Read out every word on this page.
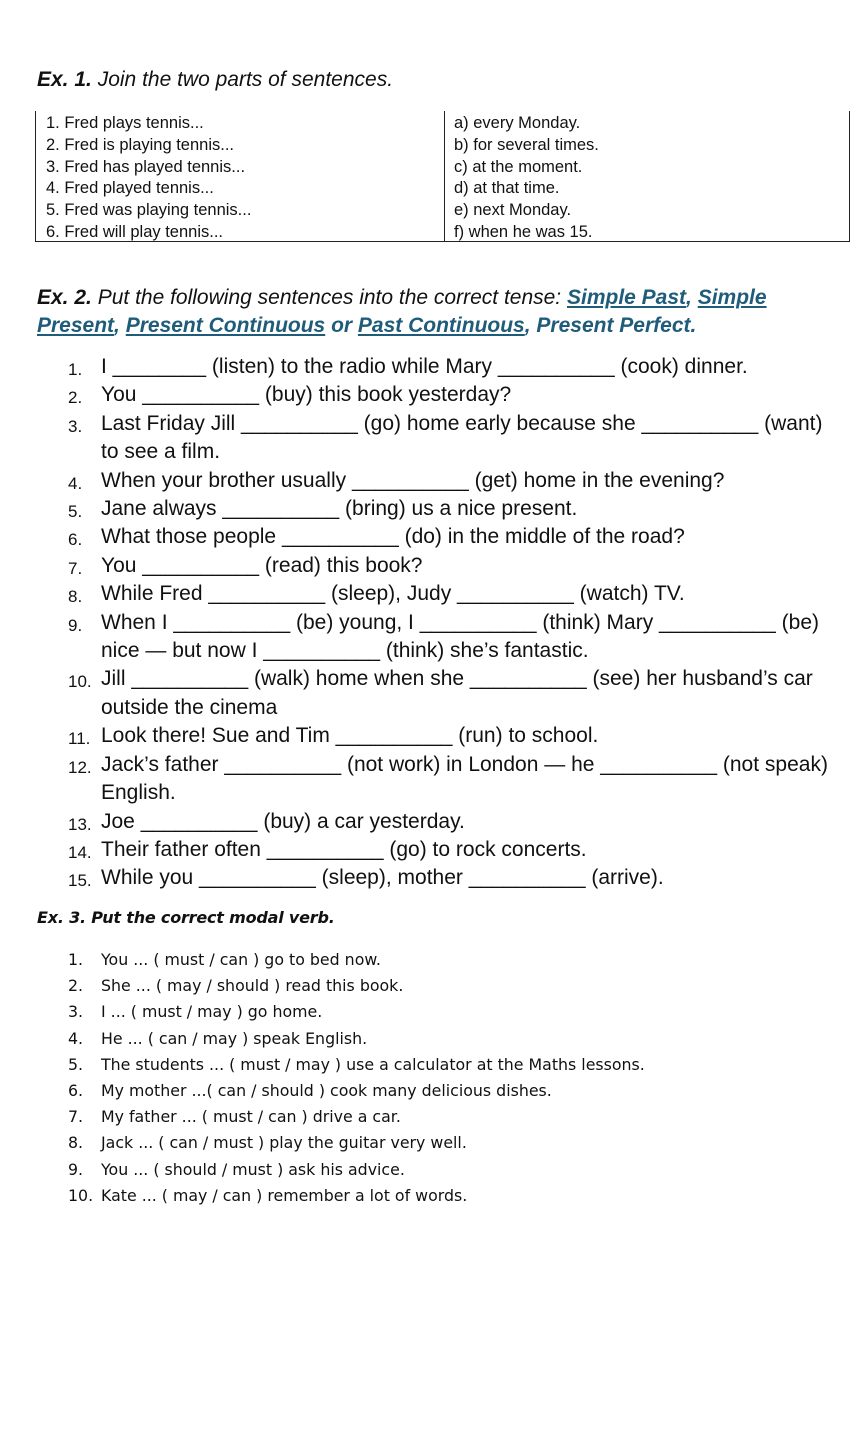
Ex. 1. Join the two parts of sentences.
1. Fred plays tennis...
2. Fred is playing tennis...
3. Fred has played tennis...
4. Fred played tennis...
5. Fred was playing tennis...
6. Fred will play tennis...
a) every Monday.
b) for several times.
c) at the moment.
d) at that time.
e) next Monday.
f) when he was 15.
Ex. 2. Put the following sentences into the correct tense: Simple Past, Simple Present, Present Continuous or Past Continuous, Present Perfect.
1. I ________ (listen) to the radio while Mary __________ (cook) dinner.
2. You __________ (buy) this book yesterday?
3. Last Friday Jill __________ (go) home early because she __________ (want) to see a film.
4. When your brother usually __________ (get) home in the evening?
5. Jane always __________ (bring) us a nice present.
6. What those people __________ (do) in the middle of the road?
7. You __________ (read) this book?
8. While Fred __________ (sleep), Judy __________ (watch) TV.
9. When I __________ (be) young, I __________ (think) Mary __________ (be) nice — but now I __________ (think) she’s fantastic.
10. Jill __________ (walk) home when she __________ (see) her husband’s car outside the cinema
11. Look there! Sue and Tim __________ (run) to school.
12. Jack’s father __________ (not work) in London — he __________ (not speak) English.
13. Joe __________ (buy) a car yesterday.
14. Their father often __________ (go) to rock concerts.
15. While you __________ (sleep), mother __________ (arrive).
Ex. 3. Put the correct modal verb.
1. You ... ( must / can ) go to bed now.
2. She ... ( may / should ) read this book.
3. I ... ( must / may ) go home.
4. He ... ( can / may ) speak English.
5. The students ... ( must / may ) use a calculator at the Maths lessons.
6. My mother ...( can / should ) cook many delicious dishes.
7. My father ... ( must / can ) drive a car.
8. Jack ... ( can / must ) play the guitar very well.
9. You ... ( should / must ) ask his advice.
10. Kate ... ( may / can ) remember a lot of words.
